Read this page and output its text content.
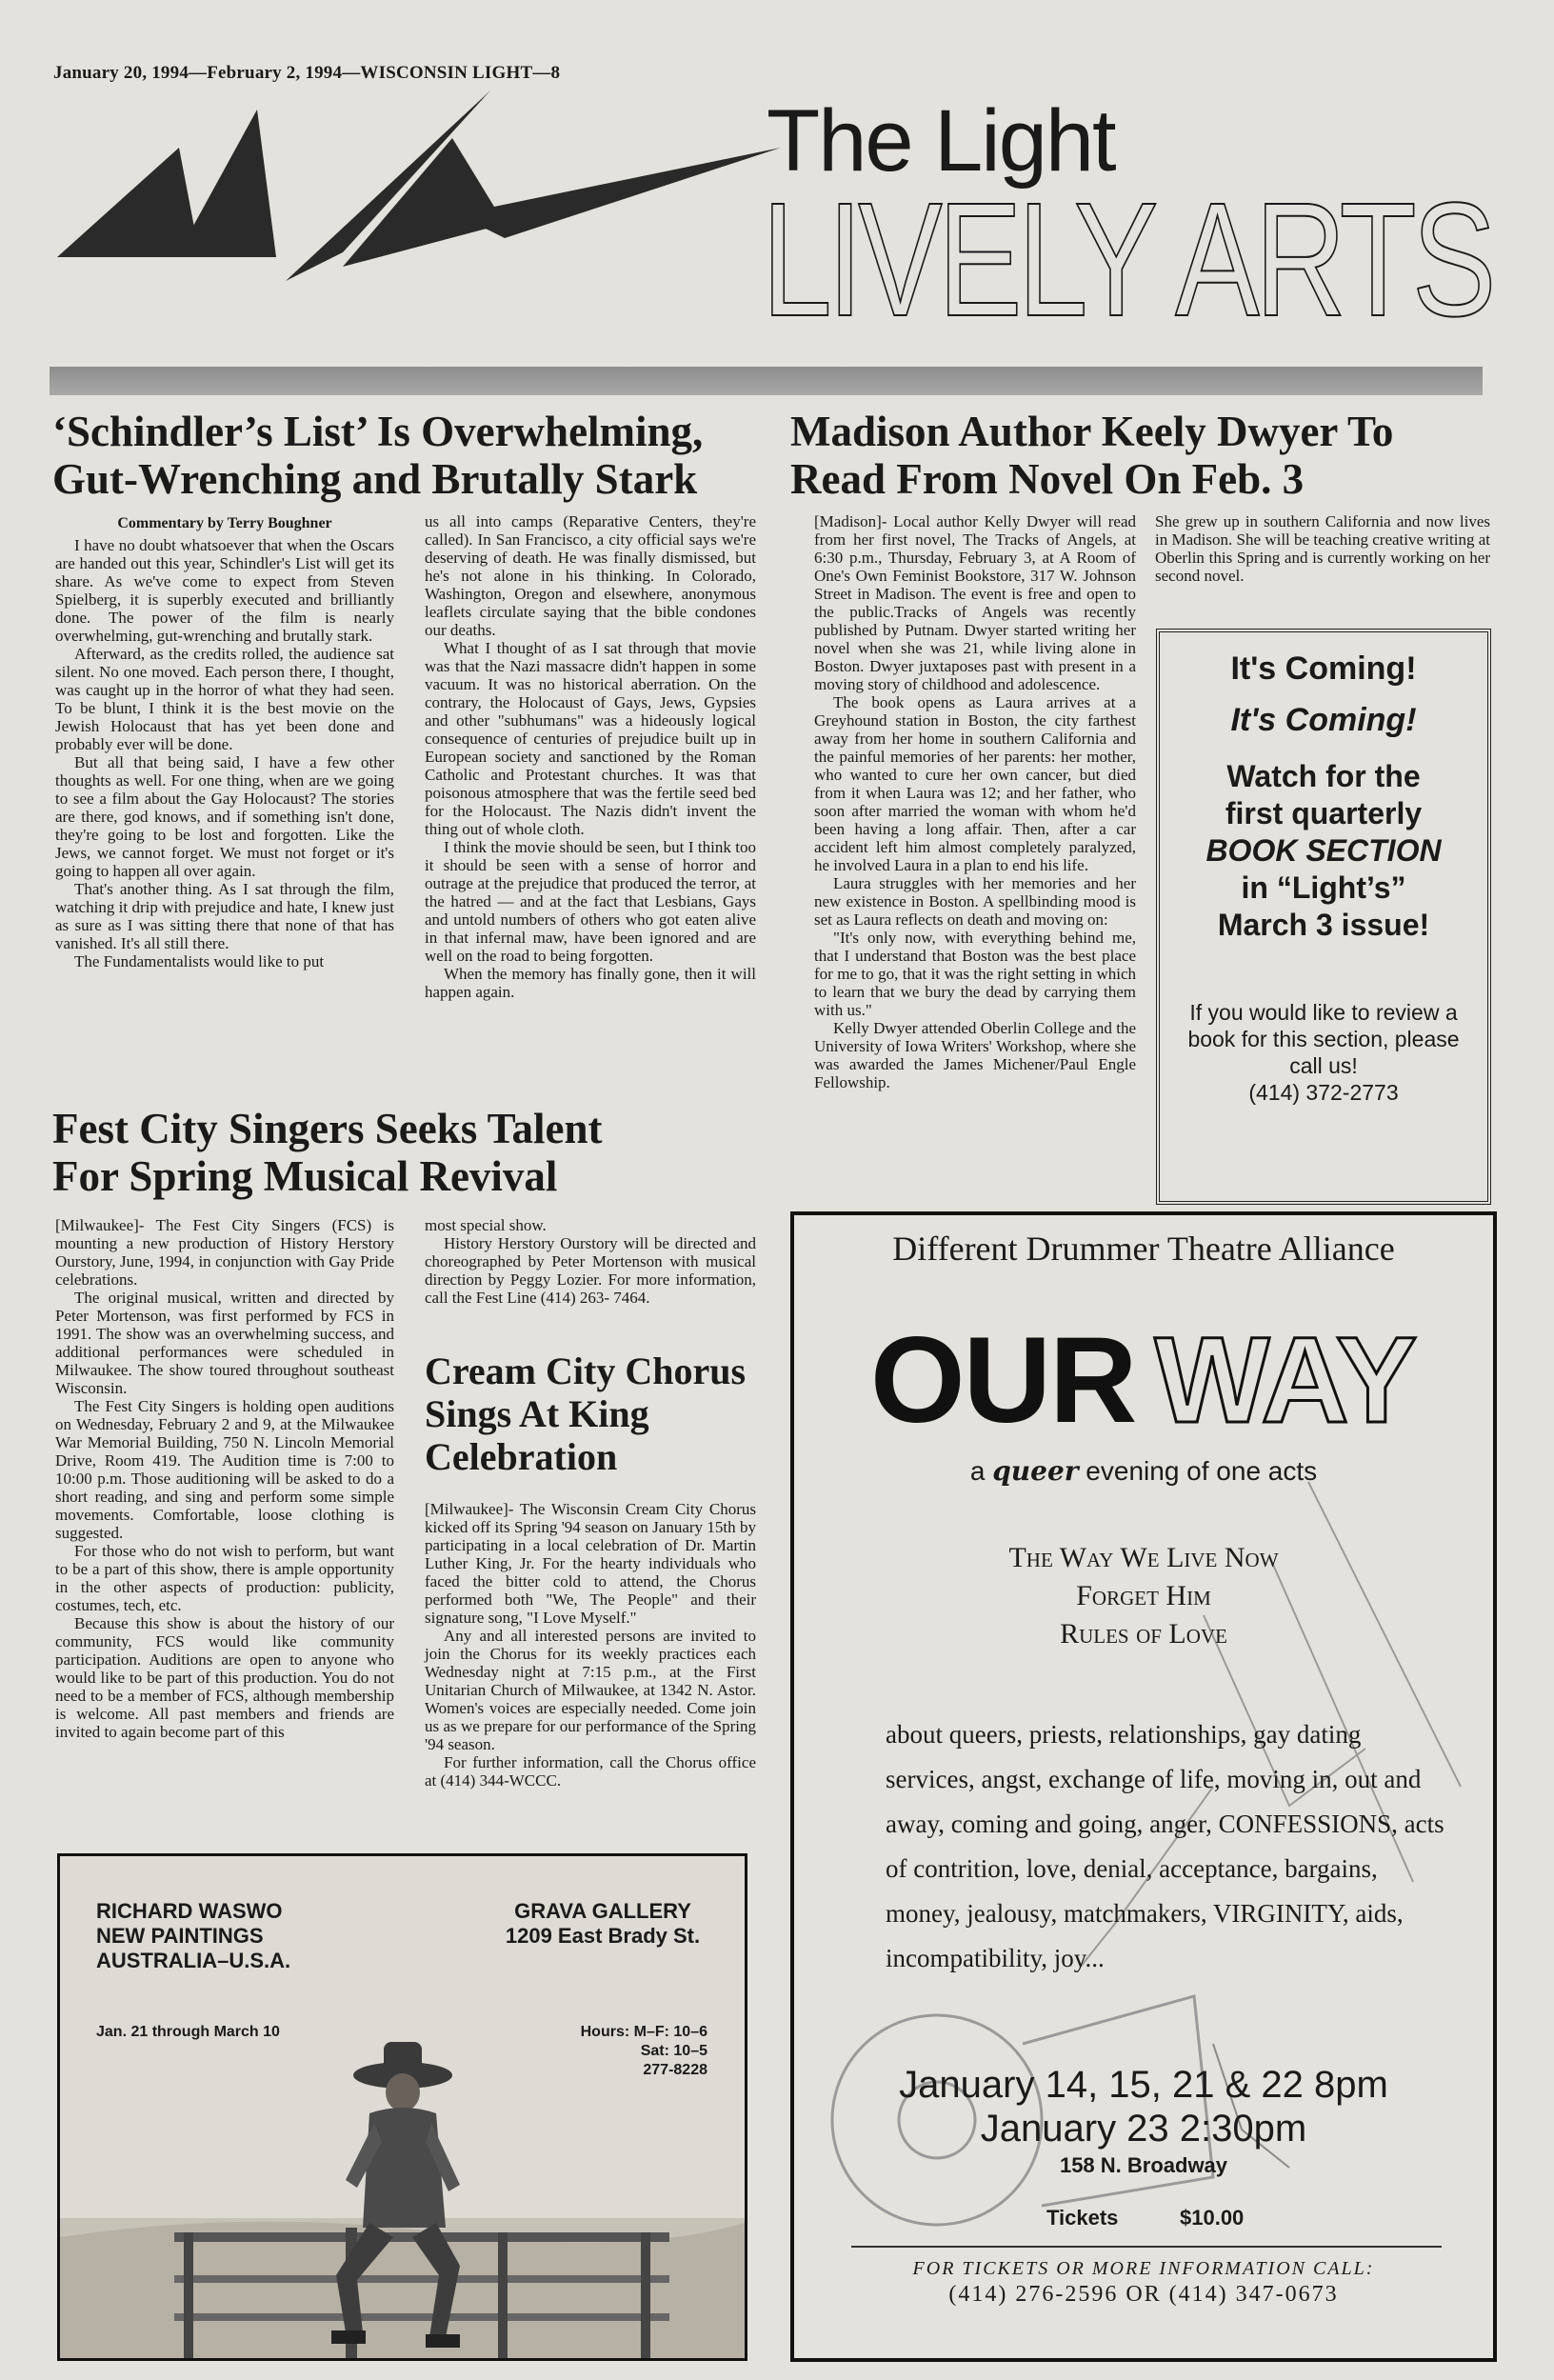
January 20, 1994—February 2, 1994—WISCONSIN LIGHT—8
The Light
LIVELY ARTS
‘Schindler’s List’ Is Overwhelming,
Gut-Wrenching and Brutally Stark

Commentary by Terry Boughner

I have no doubt whatsoever that when the Oscars are handed out this year, Schindler's List will get its share. As we've come to expect from Steven Spielberg, it is superbly executed and brilliantly done. The power of the film is nearly overwhelming, gut-wrenching and brutally stark.

Afterward, as the credits rolled, the audience sat silent. No one moved. Each person there, I thought, was caught up in the horror of what they had seen. To be blunt, I think it is the best movie on the Jewish Holocaust that has yet been done and probably ever will be done.

But all that being said, I have a few other thoughts as well. For one thing, when are we going to see a film about the Gay Holocaust? The stories are there, god knows, and if something isn't done, they're going to be lost and forgotten. Like the Jews, we cannot forget. We must not forget or it's going to happen all over again.

That's another thing. As I sat through the film, watching it drip with prejudice and hate, I knew just as sure as I was sitting there that none of that has vanished. It's all still there.

The Fundamentalists would like to put

us all into camps (Reparative Centers, they're called). In San Francisco, a city official says we're deserving of death. He was finally dismissed, but he's not alone in his thinking. In Colorado, Washington, Oregon and elsewhere, anonymous leaflets circulate saying that the bible condones our deaths.

What I thought of as I sat through that movie was that the Nazi massacre didn't happen in some vacuum. It was no historical aberration. On the contrary, the Holocaust of Gays, Jews, Gypsies and other "subhumans" was a hideously logical consequence of centuries of prejudice built up in European society and sanctioned by the Roman Catholic and Protestant churches. It was that poisonous atmosphere that was the fertile seed bed for the Holocaust. The Nazis didn't invent the thing out of whole cloth.

I think the movie should be seen, but I think too it should be seen with a sense of horror and outrage at the prejudice that produced the terror, at the hatred — and at the fact that Lesbians, Gays and untold numbers of others who got eaten alive in that infernal maw, have been ignored and are well on the road to being forgotten.

When the memory has finally gone, then it will happen again.

Madison Author Keely Dwyer To
Read From Novel On Feb. 3

[Madison]- Local author Kelly Dwyer will read from her first novel, The Tracks of Angels, at 6:30 p.m., Thursday, February 3, at A Room of One's Own Feminist Bookstore, 317 W. Johnson Street in Madison. The event is free and open to the public.Tracks of Angels was recently published by Putnam. Dwyer started writing her novel when she was 21, while living alone in Boston. Dwyer juxtaposes past with present in a moving story of childhood and adolescence.

The book opens as Laura arrives at a Greyhound station in Boston, the city farthest away from her home in southern California and the painful memories of her parents: her mother, who wanted to cure her own cancer, but died from it when Laura was 12; and her father, who soon after married the woman with whom he'd been having a long affair. Then, after a car accident left him almost completely paralyzed, he involved Laura in a plan to end his life.

Laura struggles with her memories and her new existence in Boston. A spellbinding mood is set as Laura reflects on death and moving on:

"It's only now, with everything behind me, that I understand that Boston was the best place for me to go, that it was the right setting in which to learn that we bury the dead by carrying them with us."

Kelly Dwyer attended Oberlin College and the University of Iowa Writers' Workshop, where she was awarded the James Michener/Paul Engle Fellowship.

She grew up in southern California and now lives in Madison. She will be teaching creative writing at Oberlin this Spring and is currently working on her second novel.

It's Coming!

It's Coming!

Watch for the
first quarterly
BOOK SECTION
in “Light’s”
March 3 issue!
If you would like to review a book for this section, please call us!
(414) 372-2773
Fest City Singers Seeks Talent
For Spring Musical Revival

[Milwaukee]- The Fest City Singers (FCS) is mounting a new production of History Herstory Ourstory, June, 1994, in conjunction with Gay Pride celebrations.

The original musical, written and directed by Peter Mortenson, was first performed by FCS in 1991. The show was an overwhelming success, and additional performances were scheduled in Milwaukee. The show toured throughout southeast Wisconsin.

The Fest City Singers is holding open auditions on Wednesday, February 2 and 9, at the Milwaukee War Memorial Building, 750 N. Lincoln Memorial Drive, Room 419. The Audition time is 7:00 to 10:00 p.m. Those auditioning will be asked to do a short reading, and sing and perform some simple movements. Comfortable, loose clothing is suggested.

For those who do not wish to perform, but want to be a part of this show, there is ample opportunity in the other aspects of production: publicity, costumes, tech, etc.

Because this show is about the history of our community, FCS would like community participation. Auditions are open to anyone who would like to be part of this production. You do not need to be a member of FCS, although membership is welcome. All past members and friends are invited to again become part of this

most special show.

History Herstory Ourstory will be directed and choreographed by Peter Mortenson with musical direction by Peggy Lozier. For more information, call the Fest Line (414) 263- 7464.

Cream City Chorus
Sings At King
Celebration

[Milwaukee]- The Wisconsin Cream City Chorus kicked off its Spring '94 season on January 15th by participating in a local celebration of Dr. Martin Luther King, Jr. For the hearty individuals who faced the bitter cold to attend, the Chorus performed both "We, The People" and their signature song, "I Love Myself."

Any and all interested persons are invited to join the Chorus for its weekly practices each Wednesday night at 7:15 p.m., at the First Unitarian Church of Milwaukee, at 1342 N. Astor. Women's voices are especially needed. Come join us as we prepare for our performance of the Spring '94 season.

For further information, call the Chorus office at (414) 344-WCCC.

RICHARD WASWO
NEW PAINTINGS
AUSTRALIA–U.S.A.
GRAVA GALLERY
1209 East Brady St.
Jan. 21 through March 10	Hours: M–F: 10–6
Sat: 10–5
277-8228
Different Drummer Theatre Alliance
OUR WAY
a queer evening of one acts
The Way We Live Now
Forget Him
Rules of Love
about queers, priests, relationships, gay dating services, angst, exchange of life, moving in, out and away, coming and going, anger, CONFESSIONS, acts of contrition, love, denial, acceptance, bargains, money, jealousy, matchmakers, VIRGINITY, aids, incompatibility, joy...
January 14, 15, 21 & 22 8pm
January 23 2:30pm
158 N. Broadway
Tickets	$10.00
FOR TICKETS OR MORE INFORMATION CALL:
(414) 276-2596 OR (414) 347-0673
